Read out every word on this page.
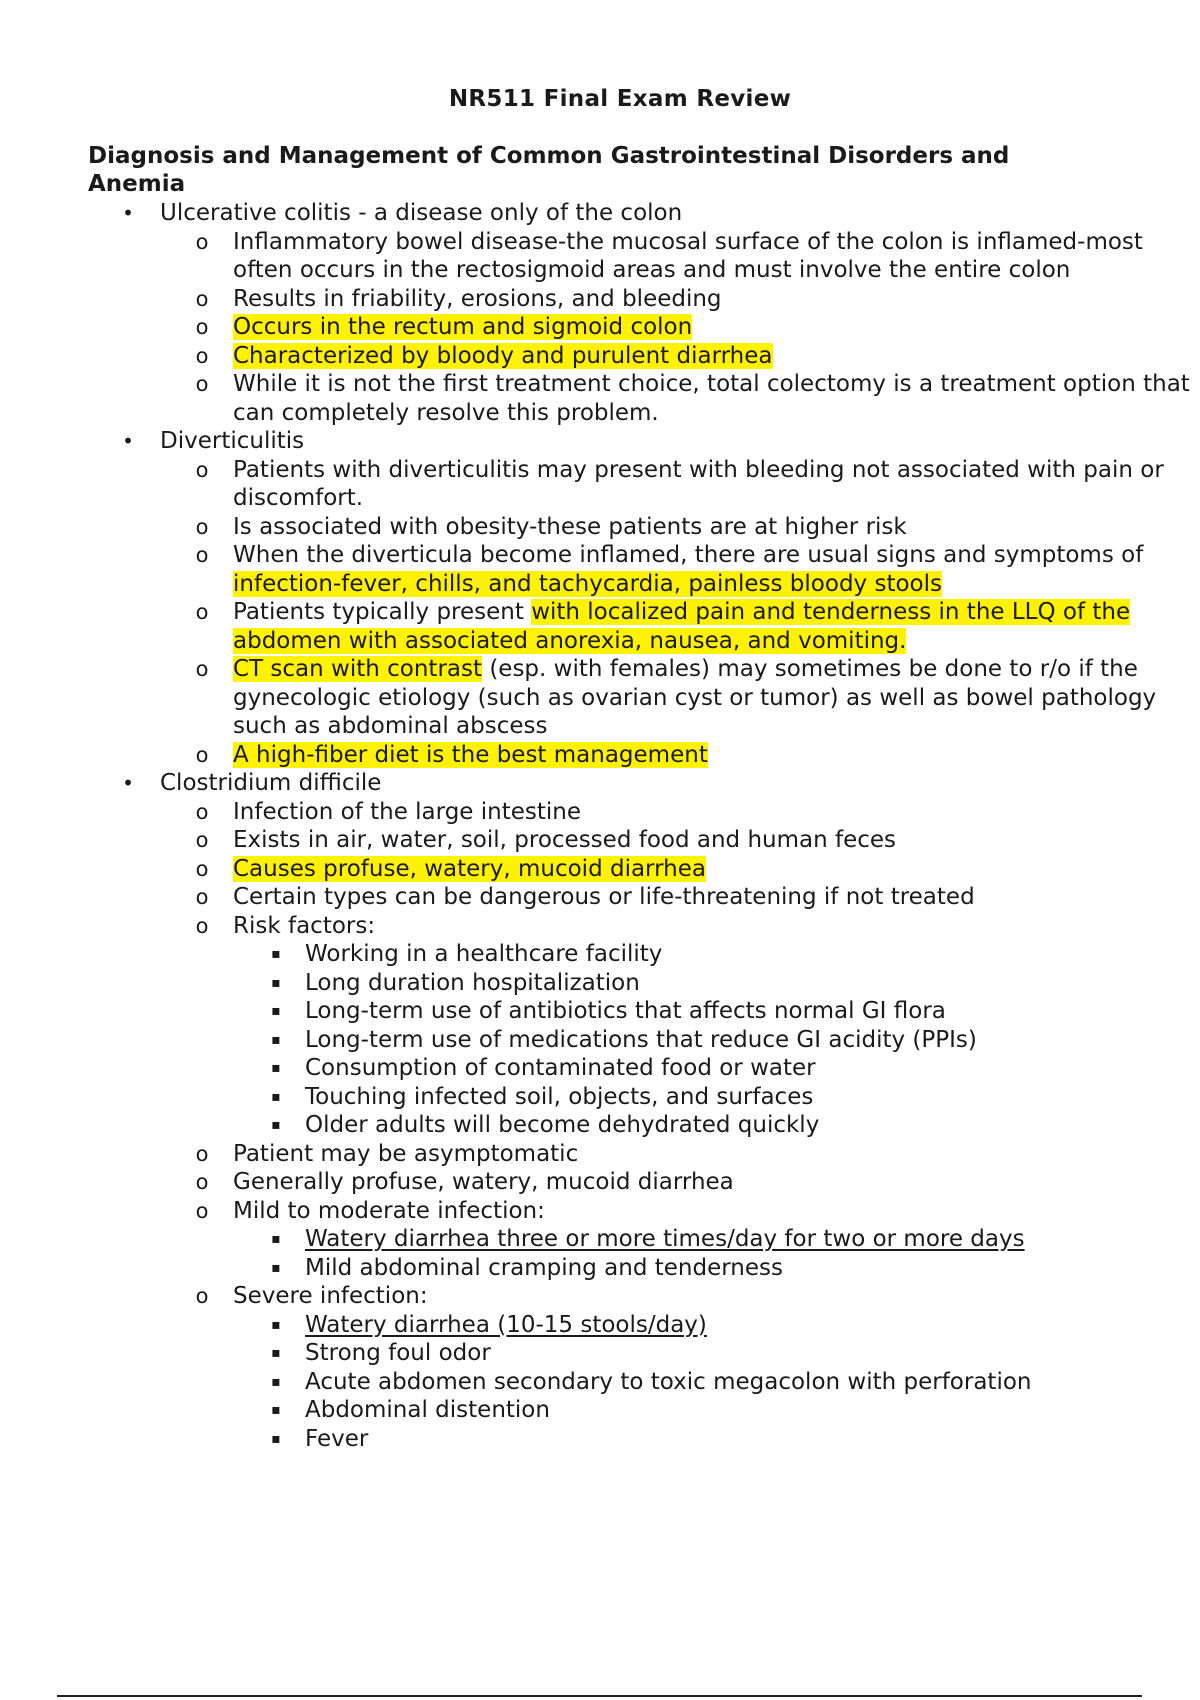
NR511 Final Exam Review
Diagnosis and Management of Common Gastrointestinal Disorders and Anemia
• Ulcerative colitis - a disease only of the colon
o Inflammatory bowel disease-the mucosal surface of the colon is inflamed-most often occurs in the rectosigmoid areas and must involve the entire colon
o Results in friability, erosions, and bleeding
o Occurs in the rectum and sigmoid colon
o Characterized by bloody and purulent diarrhea
o While it is not the first treatment choice, total colectomy is a treatment option that can completely resolve this problem.
• Diverticulitis
o Patients with diverticulitis may present with bleeding not associated with pain or discomfort.
o Is associated with obesity-these patients are at higher risk
o When the diverticula become inflamed, there are usual signs and symptoms of infection-fever, chills, and tachycardia, painless bloody stools
o Patients typically present with localized pain and tenderness in the LLQ of the abdomen with associated anorexia, nausea, and vomiting.
o CT scan with contrast (esp. with females) may sometimes be done to r/o if the gynecologic etiology (such as ovarian cyst or tumor) as well as bowel pathology such as abdominal abscess
o A high-fiber diet is the best management
• Clostridium difficile
o Infection of the large intestine
o Exists in air, water, soil, processed food and human feces
o Causes profuse, watery, mucoid diarrhea
o Certain types can be dangerous or life-threatening if not treated
o Risk factors:
▪ Working in a healthcare facility
▪ Long duration hospitalization
▪ Long-term use of antibiotics that affects normal GI flora
▪ Long-term use of medications that reduce GI acidity (PPIs)
▪ Consumption of contaminated food or water
▪ Touching infected soil, objects, and surfaces
▪ Older adults will become dehydrated quickly
o Patient may be asymptomatic
o Generally profuse, watery, mucoid diarrhea
o Mild to moderate infection:
▪ Watery diarrhea three or more times/day for two or more days
▪ Mild abdominal cramping and tenderness
o Severe infection:
▪ Watery diarrhea (10-15 stools/day)
▪ Strong foul odor
▪ Acute abdomen secondary to toxic megacolon with perforation
▪ Abdominal distention
▪ Fever
